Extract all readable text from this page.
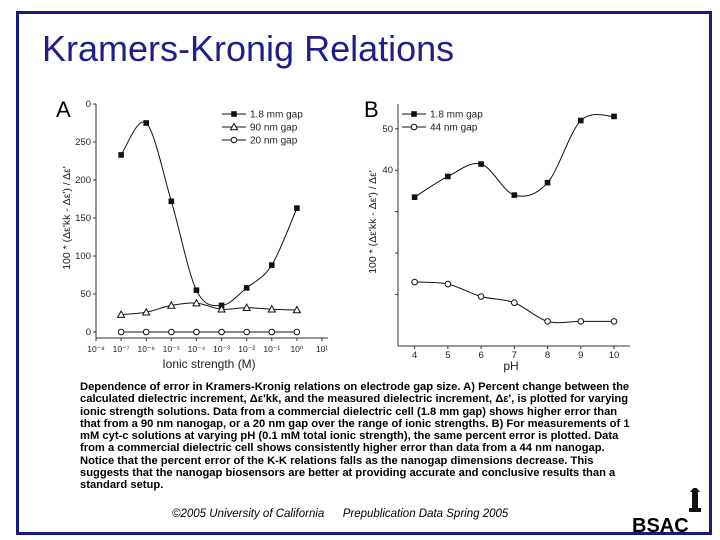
Kramers-Kronig Relations
A	B
0
50
100
150
200
250
0
10⁻⁸ 10⁻⁷ 10⁻⁶ 10⁻⁵ 10⁻⁴ 10⁻³ 10⁻² 10⁻¹ 10⁰ 10¹
Ionic strength (M)
100 * (Δε'kk - Δε') / Δε'
1.8 mm gap
90 nm gap
20 nm gap
40
50
4	5	6	7	8	9	10
pH
100 * (Δε'kk - Δε') / Δε'
1.8 mm gap
44 nm gap
Dependence of error in Kramers-Kronig relations on electrode gap size. A) Percent change between the calculated dielectric increment, Δε'kk, and the measured dielectric increment, Δε', is plotted for varying ionic strength solutions. Data from a commercial dielectric cell (1.8 mm gap) shows higher error than that from a 90 nm nanogap, or a 20 nm gap over the range of ionic strengths. B) For measurements of 1 mM cyt-c solutions at varying pH (0.1 mM total ionic strength), the same percent error is plotted. Data from a commercial dielectric cell shows consistently higher error than data from a 44 nm nanogap. Notice that the percent error of the K-K relations falls as the nanogap dimensions decrease. This suggests that the nanogap biosensors are better at providing accurate and conclusive results than a standard setup.
©2005 University of California Prepublication Data Spring 2005
BSAC
